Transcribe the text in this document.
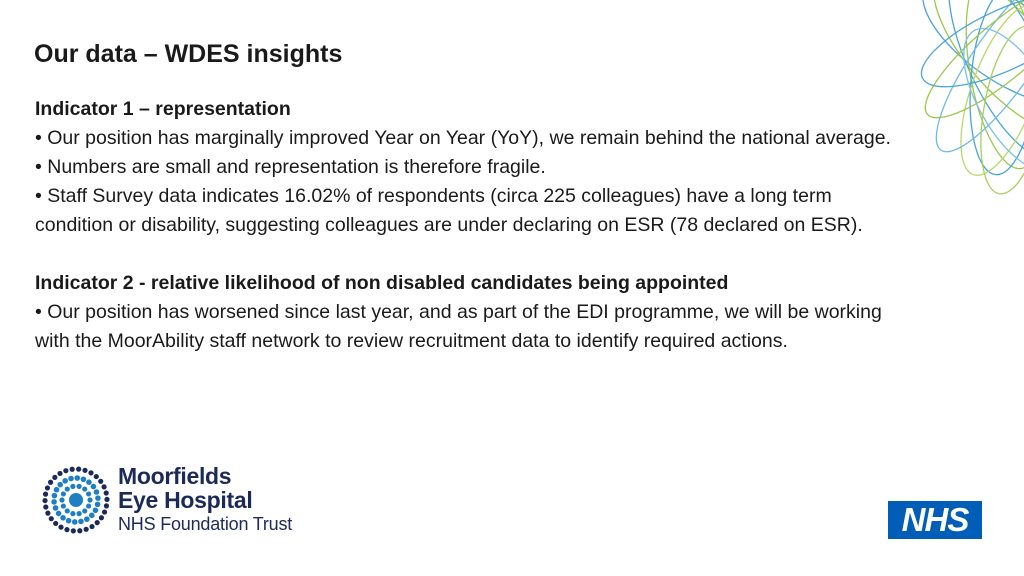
Our data – WDES insights
Indicator 1 – representation

• Our position has marginally improved Year on Year (YoY), we remain behind the national average.

• Numbers are small and representation is therefore fragile.

• Staff Survey data indicates 16.02% of respondents (circa 225 colleagues) have a long term condition or disability, suggesting colleagues are under declaring on ESR (78 declared on ESR).

Indicator 2 - relative likelihood of non disabled candidates being appointed

• Our position has worsened since last year, and as part of the EDI programme, we will be working with the MoorAbility staff network to review recruitment data to identify required actions.

Moorfields
Eye Hospital
NHS Foundation Trust	NHS
